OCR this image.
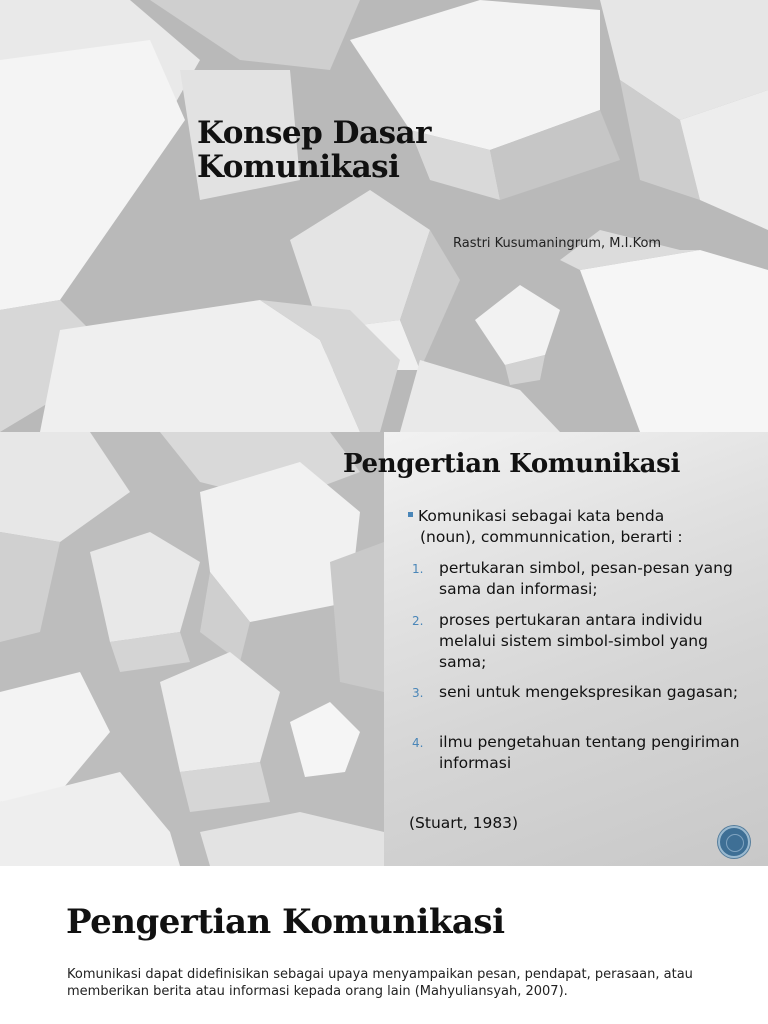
Konsep Dasar
Komunikasi
Rastri Kusumaningrum, M.I.Kom
Pengertian Komunikasi
Komunikasi sebagai kata benda
(noun), communnication, berarti :
1. pertukaran simbol, pesan-pesan yang sama dan informasi;
2. proses pertukaran antara individu melalui sistem simbol-simbol yang sama;
3. seni untuk mengekspresikan gagasan;
4. ilmu pengetahuan tentang pengiriman informasi
(Stuart, 1983)
Pengertian Komunikasi
Komunikasi dapat didefinisikan sebagai upaya menyampaikan pesan, pendapat, perasaan, atau memberikan berita atau informasi kepada orang lain (Mahyuliansyah, 2007).
